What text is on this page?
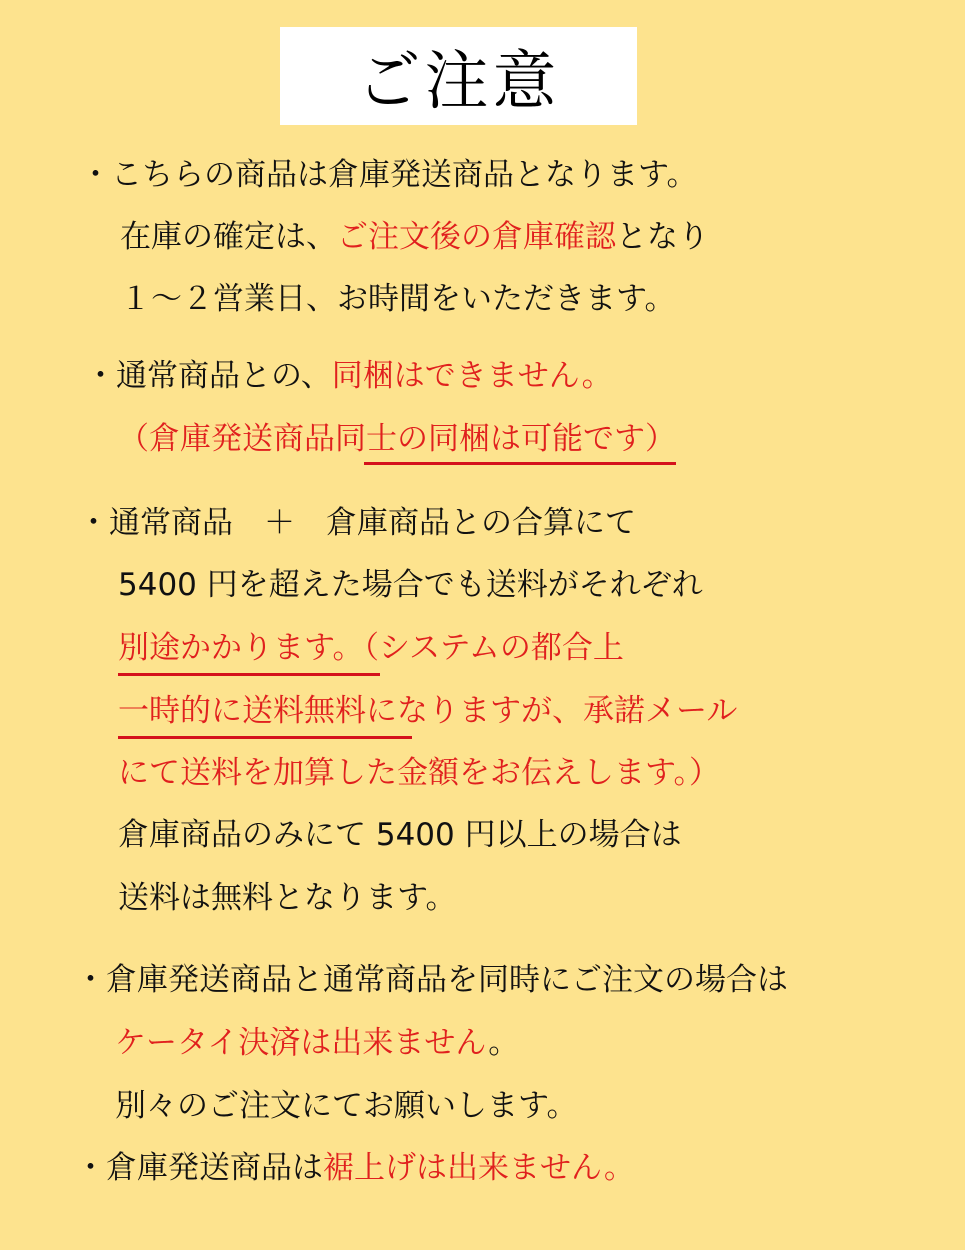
ご注意
・こちらの商品は倉庫発送商品となります。
在庫の確定は、ご注文後の倉庫確認となり
１～２営業日、お時間をいただきます。
・通常商品との、同梱はできません。
（倉庫発送商品同士の同梱は可能です）
・通常商品　＋　倉庫商品との合算にて
5400 円を超えた場合でも送料がそれぞれ
別途かかります。（システムの都合上
一時的に送料無料になりますが、承諾メール
にて送料を加算した金額をお伝えします。）
倉庫商品のみにて 5400 円以上の場合は
送料は無料となります。
・倉庫発送商品と通常商品を同時にご注文の場合は
ケータイ決済は出来ません。
別々のご注文にてお願いします。
・倉庫発送商品は裾上げは出来ません。
